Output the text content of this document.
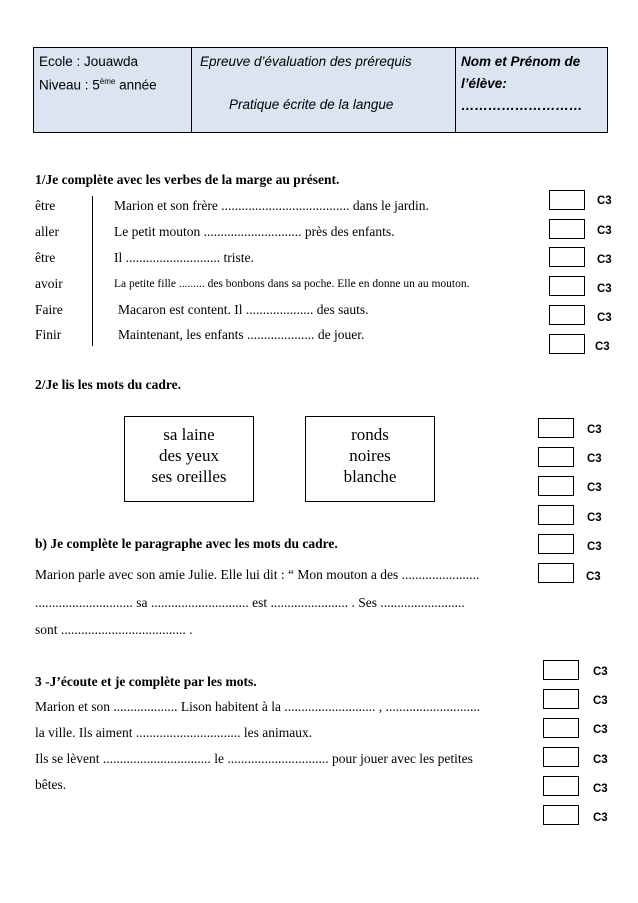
Ecole : Jouawda
Niveau : 5ème année
Epreuve d’évaluation des prérequis
Pratique écrite de la langue
Nom et Prénom de
l’élève:
………………………
1/Je complète avec les verbes de la marge au présent.
être	Marion et son frère ...................................... dans le jardin.
aller	Le petit mouton ............................. près des enfants.
être	Il ............................ triste.
avoir	La petite fille ......... des bonbons dans sa poche. Elle en donne un au mouton.
Faire	Macaron est content. Il .................... des sauts.
Finir	Maintenant, les enfants .................... de jouer.
C3
C3
C3
C3
C3
C3
2/Je lis les mots du cadre.
sa laine
des yeux
ses oreilles
ronds
noires
blanche
C3
C3
C3
C3
b) Je complète le paragraphe avec les mots du cadre.	C3
Marion parle avec son amie Julie. Elle lui dit : “ Mon mouton a des .......................	C3
............................. sa ............................. est ....................... . Ses .........................
sont ..................................... .
3 -J’écoute et je complète par les mots.
Marion et son ................... Lison habitent à la ........................... , ............................
la ville. Ils aiment ............................... les animaux.
Ils se lèvent ................................ le .............................. pour jouer avec les petites
bêtes.
C3
C3
C3
C3
C3
C3
